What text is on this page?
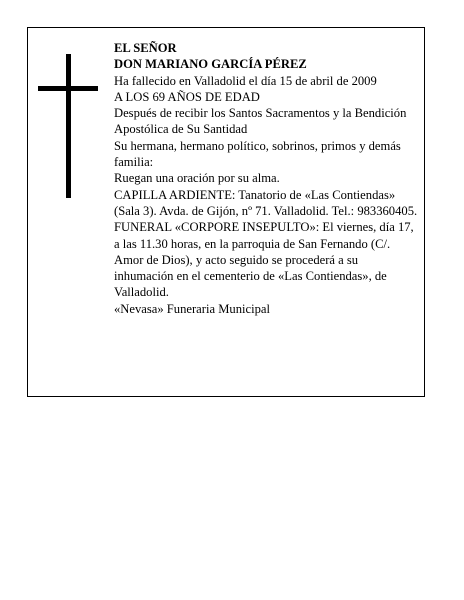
EL SEÑOR

DON MARIANO GARCÍA PÉREZ

Ha fallecido en Valladolid el día 15 de abril de 2009

A LOS 69 AÑOS DE EDAD

Después de recibir los Santos Sacramentos y la Bendición Apostólica de Su Santidad

Su hermana, hermano político, sobrinos, primos y demás familia:

Ruegan una oración por su alma.

CAPILLA ARDIENTE: Tanatorio de «Las Contiendas» (Sala 3). Avda. de Gijón, nº 71. Valladolid. Tel.: 983360405.

FUNERAL «CORPORE INSEPULTO»: El viernes, día 17, a las 11.30 horas, en la parroquia de San Fernando (C/. Amor de Dios), y acto seguido se procederá a su inhumación en el cementerio de «Las Contiendas», de Valladolid.

«Nevasa» Funeraria Municipal
